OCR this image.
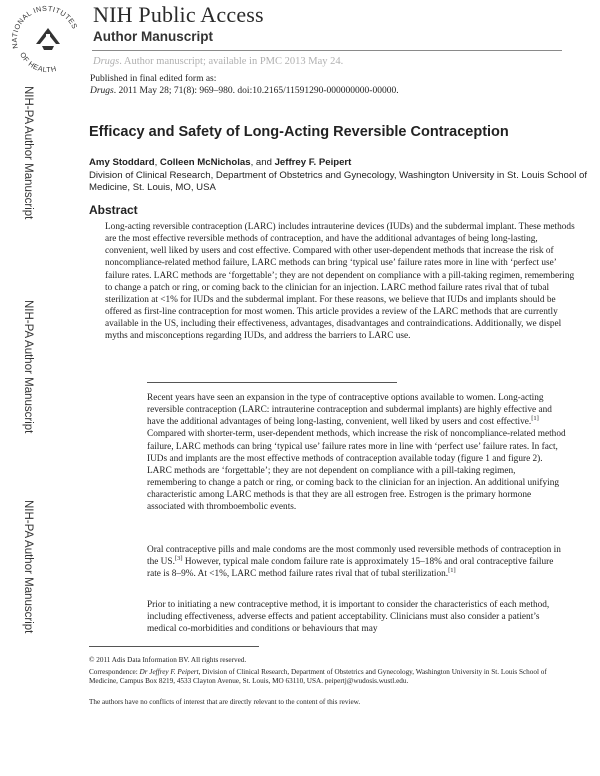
NATIONAL INSTITUTES
OF HEALTH
NIH Public Access
Author Manuscript
Drugs. Author manuscript; available in PMC 2013 May 24.
Published in final edited form as:
Drugs. 2011 May 28; 71(8): 969–980. doi:10.2165/11591290-000000000-00000.
NIH-PA Author Manuscript
NIH-PA Author Manuscript
NIH-PA Author Manuscript
Efficacy and Safety of Long-Acting Reversible Contraception
Amy Stoddard, Colleen McNicholas, and Jeffrey F. Peipert
Division of Clinical Research, Department of Obstetrics and Gynecology, Washington University in St. Louis School of Medicine, St. Louis, MO, USA
Abstract
Long-acting reversible contraception (LARC) includes intrauterine devices (IUDs) and the subdermal implant. These methods are the most effective reversible methods of contraception, and have the additional advantages of being long-lasting, convenient, well liked by users and cost effective. Compared with other user-dependent methods that increase the risk of noncompliance-related method failure, LARC methods can bring ‘typical use’ failure rates more in line with ‘perfect use’ failure rates. LARC methods are ‘forgettable’; they are not dependent on compliance with a pill-taking regimen, remembering to change a patch or ring, or coming back to the clinician for an injection. LARC method failure rates rival that of tubal sterilization at <1% for IUDs and the subdermal implant. For these reasons, we believe that IUDs and implants should be offered as first-line contraception for most women. This article provides a review of the LARC methods that are currently available in the US, including their effectiveness, advantages, disadvantages and contraindications. Additionally, we dispel myths and misconceptions regarding IUDs, and address the barriers to LARC use.
Recent years have seen an expansion in the type of contraceptive options available to women. Long-acting reversible contraception (LARC: intrauterine contraception and subdermal implants) are highly effective and have the additional advantages of being long-lasting, convenient, well liked by users and cost effective.[1] Compared with shorter-term, user-dependent methods, which increase the risk of noncompliance-related method failure, LARC methods can bring ‘typical use’ failure rates more in line with ‘perfect use’ failure rates. In fact, IUDs and implants are the most effective methods of contraception available today (figure 1 and figure 2). LARC methods are ‘forgettable’; they are not dependent on compliance with a pill-taking regimen, remembering to change a patch or ring, or coming back to the clinician for an injection. An additional unifying characteristic among LARC methods is that they are all estrogen free. Estrogen is the primary hormone associated with thromboembolic events.
Oral contraceptive pills and male condoms are the most commonly used reversible methods of contraception in the US.[3] However, typical male condom failure rate is approximately 15–18% and oral contraceptive failure rate is 8–9%. At <1%, LARC method failure rates rival that of tubal sterilization.[1]
Prior to initiating a new contraceptive method, it is important to consider the characteristics of each method, including effectiveness, adverse effects and patient acceptability. Clinicians must also consider a patient’s medical co-morbidities and conditions or behaviours that may
© 2011 Adis Data Information BV. All rights reserved.
Correspondence: Dr Jeffrey F. Peipert, Division of Clinical Research, Department of Obstetrics and Gynecology, Washington University in St. Louis School of Medicine, Campus Box 8219, 4533 Clayton Avenue, St. Louis, MO 63110, USA. peipertj@wudosis.wustl.edu.
The authors have no conflicts of interest that are directly relevant to the content of this review.
